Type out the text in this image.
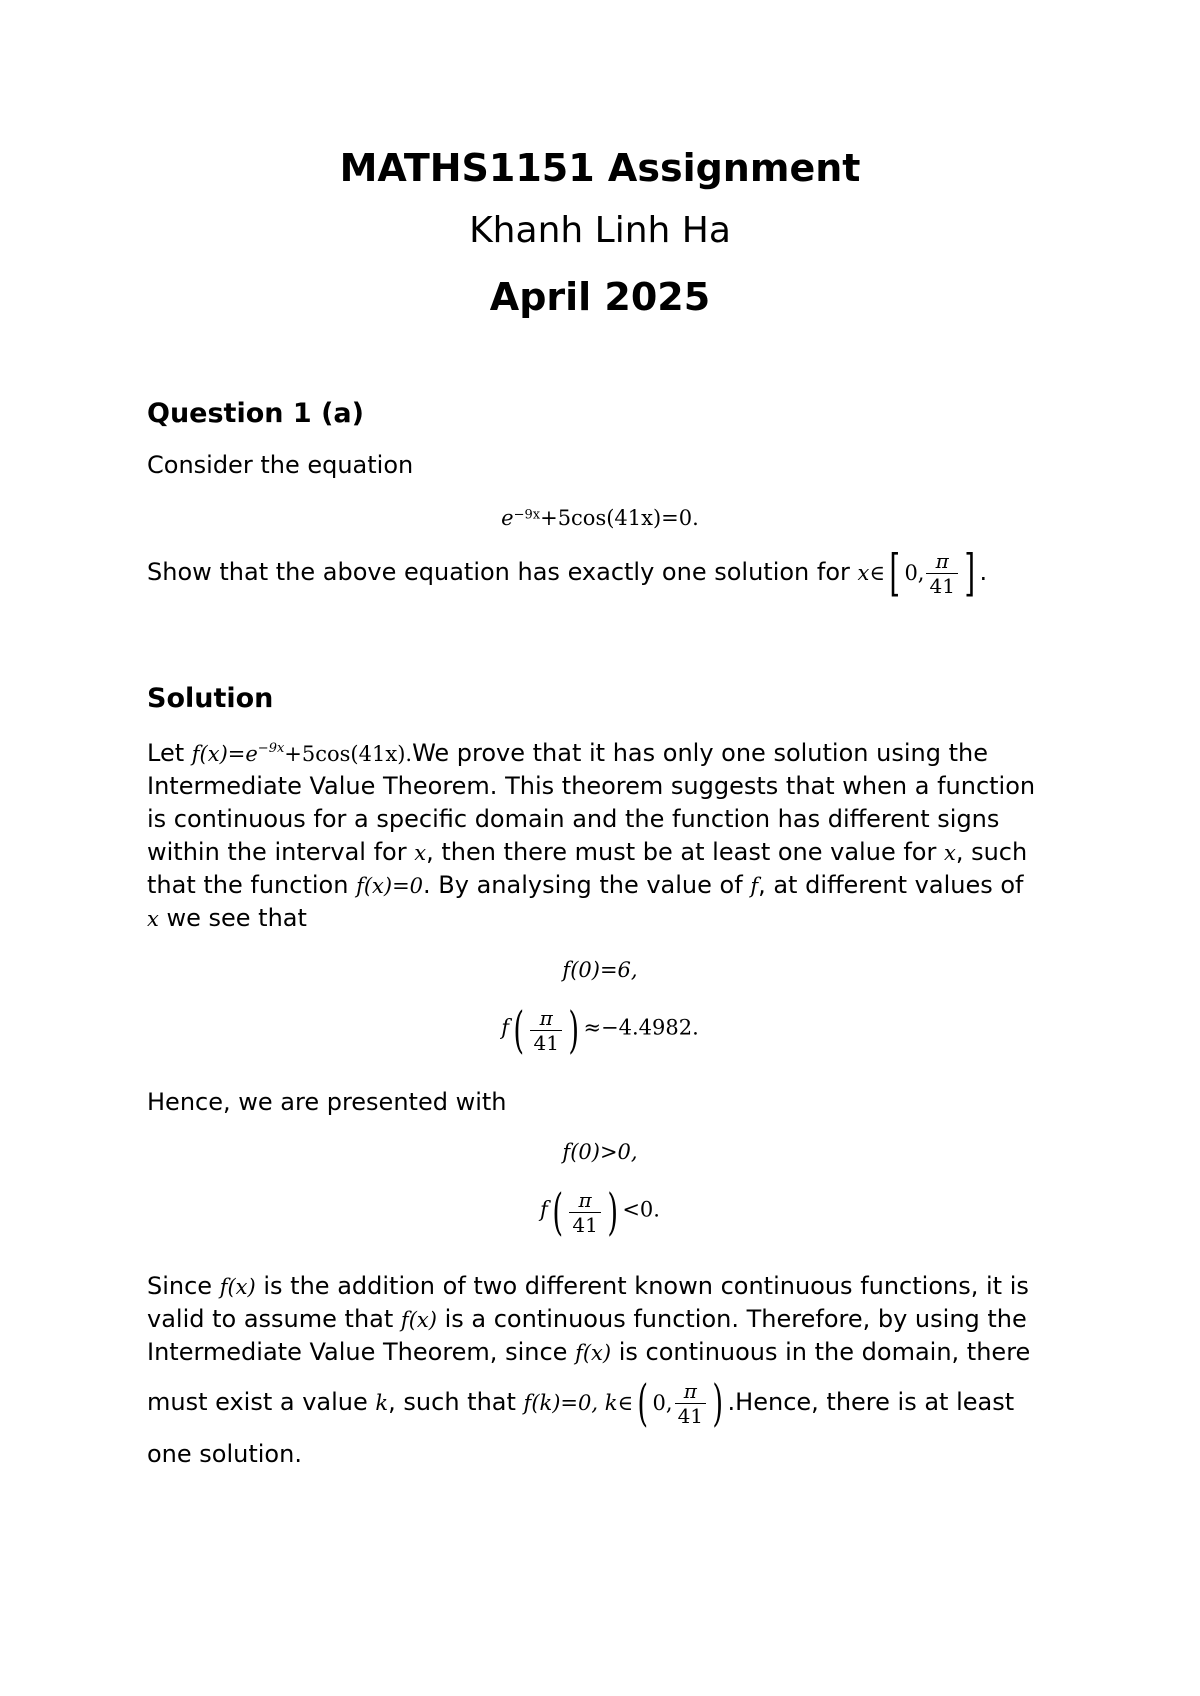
MATHS1151 Assignment
Khanh Linh Ha
April 2025
Question 1 (a)
Consider the equation
$e^{-9x}+5\cos(41x)=0$.
Show that the above equation has exactly one solution for x∈[ 0, $\frac{\pi}{41}$ ] .
Solution
Let $f(x)=e^{-9x}+5\cos(41x).We$ prove that it has only one solution using the
Intermediate Value Theorem. This theorem suggests that when a function
is continuous for a specific domain and the function has different signs
within the interval for x, then there must be at least one value for x, such
that the function f(x)=0. By analysing the value of f, at different values of
x we see that
f(0)=6,
$f( \frac{\pi}{41}$ ) ≈−4.4982.
Hence, we are presented with
f(0)>0,
$f( \frac{\pi}{41}$ ) <0.
Since f(x) is the addition of two different known continuous functions, it is
valid to assume that f(x) is a continuous function. Therefore, by using the
Intermediate Value Theorem, since f(x) is continuous in the domain, there
must exist a value k, such that f(k)=0, k∈( 0, $\frac{\pi}{41}$ ) .Hence, there is at least
one solution.
